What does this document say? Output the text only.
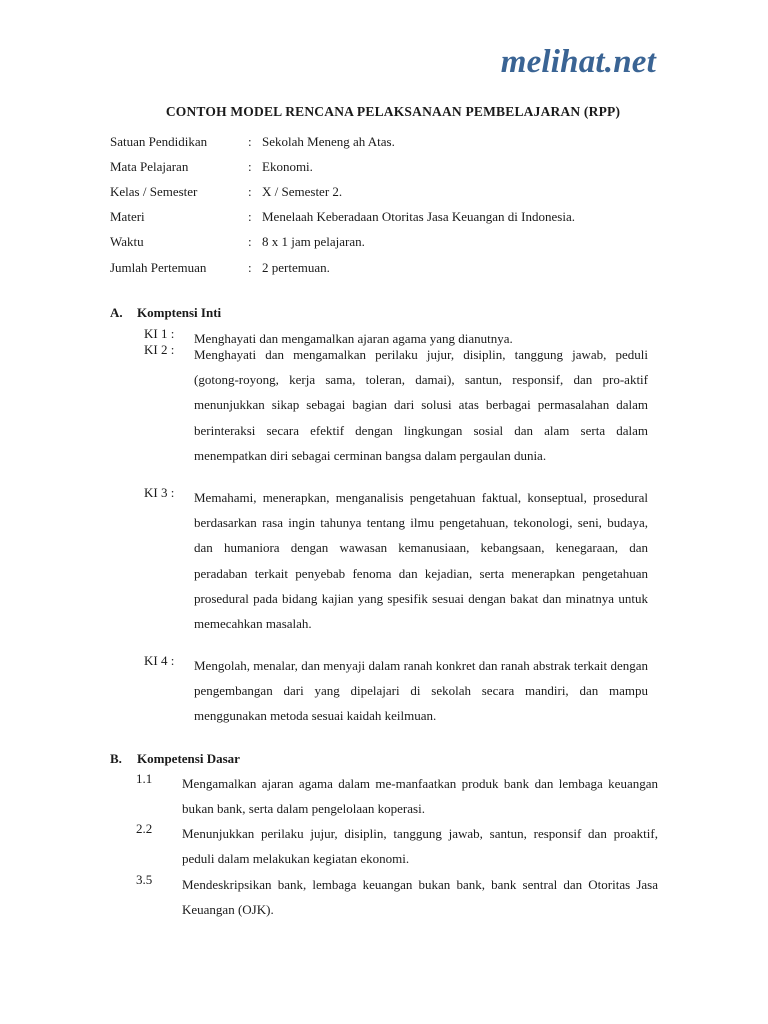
melihat.net
CONTOH MODEL RENCANA PELAKSANAAN PEMBELAJARAN (RPP)
Satuan Pendidikan	: Sekolah Meneng ah Atas.
Mata Pelajaran	: Ekonomi.
Kelas / Semester	: X / Semester 2.
Materi	: Menelaah Keberadaan Otoritas Jasa Keuangan di Indonesia.
Waktu	: 8 x 1 jam pelajaran.
Jumlah Pertemuan	: 2 pertemuan.
A. Komptensi Inti
KI 1 :	Menghayati dan mengamalkan ajaran agama yang dianutnya.
KI 2 :	Menghayati dan mengamalkan perilaku jujur, disiplin, tanggung jawab, peduli (gotong-royong, kerja sama, toleran, damai), santun, responsif, dan pro-aktif menunjukkan sikap sebagai bagian dari solusi atas berbagai permasalahan dalam berinteraksi secara efektif dengan lingkungan sosial dan alam serta dalam menempatkan diri sebagai cerminan bangsa dalam pergaulan dunia.
KI 3 :	Memahami, menerapkan, menganalisis pengetahuan faktual, konseptual, prosedural berdasarkan rasa ingin tahunya tentang ilmu pengetahuan, tekonologi, seni, budaya, dan humaniora dengan wawasan kemanusiaan, kebangsaan, kenegaraan, dan peradaban terkait penyebab fenoma dan kejadian, serta menerapkan pengetahuan prosedural pada bidang kajian yang spesifik sesuai dengan bakat dan minatnya untuk memecahkan masalah.
KI 4 :	Mengolah, menalar, dan menyaji dalam ranah konkret dan ranah abstrak terkait dengan pengembangan dari yang dipelajari di sekolah secara mandiri, dan mampu menggunakan metoda sesuai kaidah keilmuan.
B. Kompetensi Dasar
1.1	Mengamalkan ajaran agama dalam me-manfaatkan produk bank dan lembaga keuangan bukan bank, serta dalam pengelolaan koperasi.
2.2	Menunjukkan perilaku jujur, disiplin, tanggung jawab, santun, responsif dan proaktif, peduli dalam melakukan kegiatan ekonomi.
3.5	Mendeskripsikan bank, lembaga keuangan bukan bank, bank sentral dan Otoritas Jasa Keuangan (OJK).
